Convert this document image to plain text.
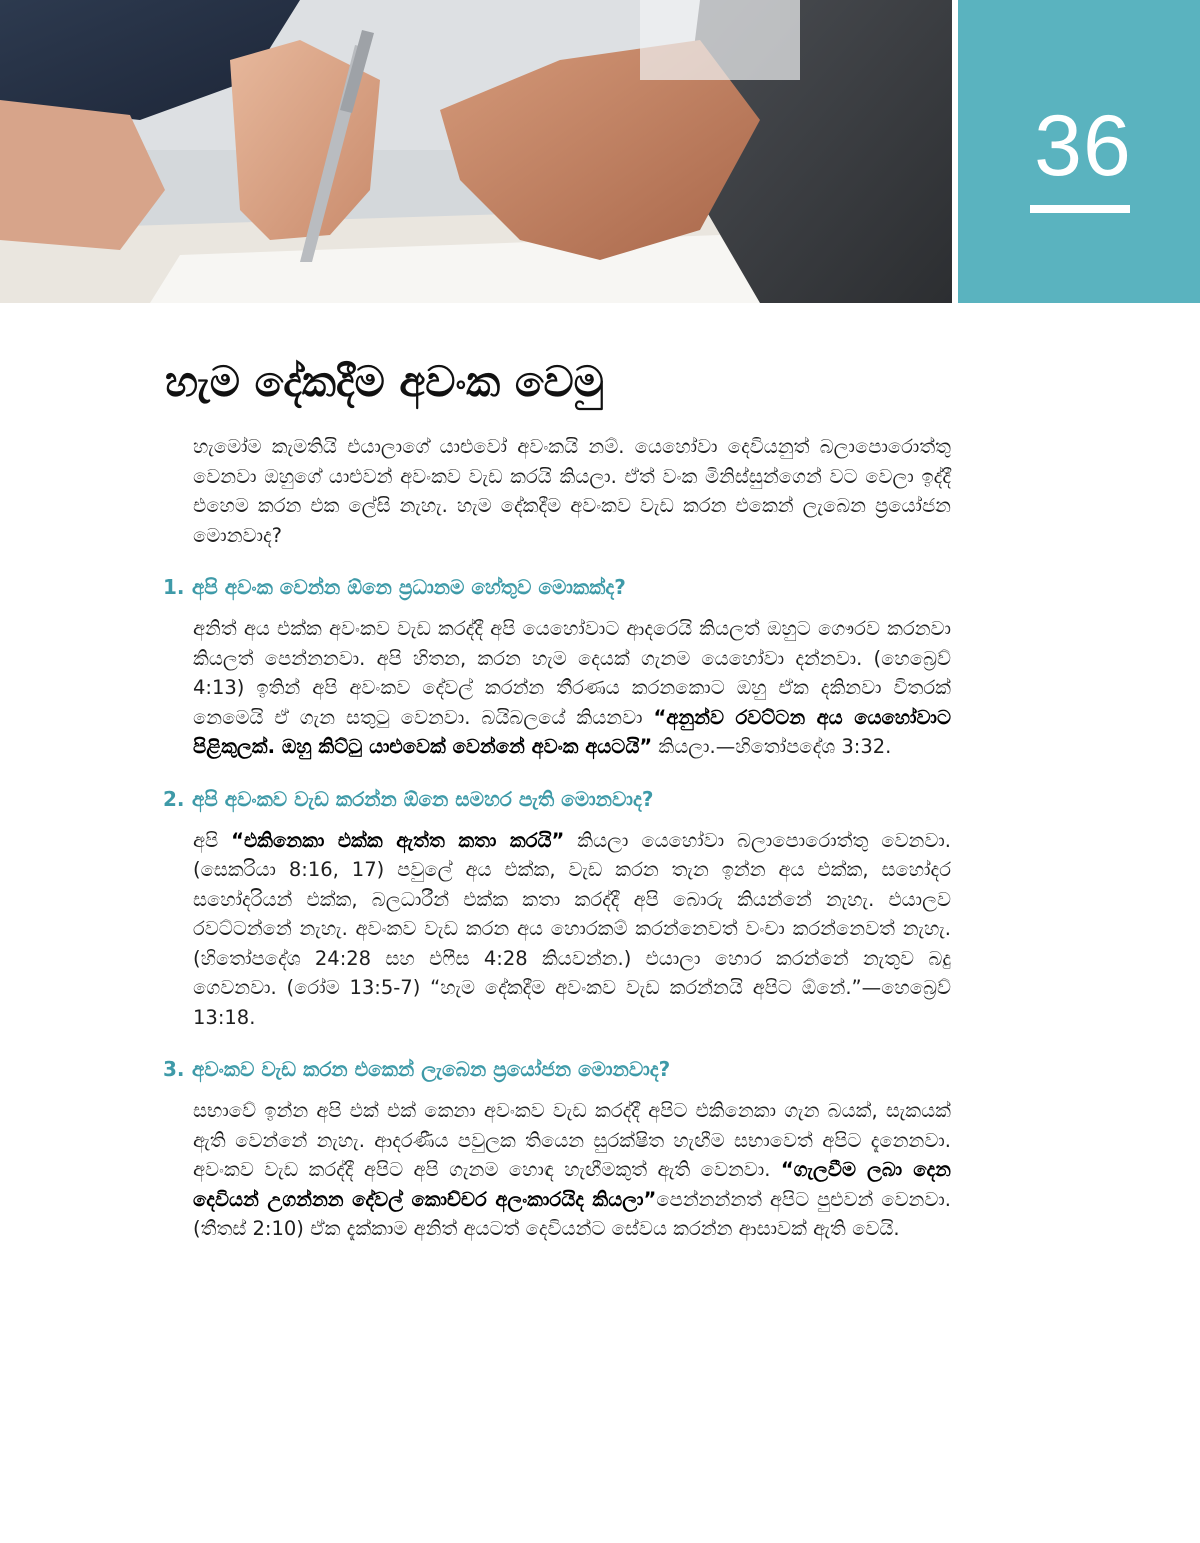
36
හැම දේකදීම අවංක වෙමු

හැමෝම කැමතියි එයාලාගේ යාළුවෝ අවංකයි නම්. යෙහෝවා දෙවියනුත් බලාපොරොත්තු වෙනවා ඔහුගේ යාළුවන් අවංකව වැඩ කරයි කියලා. ඒත් වංක මිනිස්සුන්ගෙන් වට වෙලා ඉද්දී එහෙම කරන එක ලේසි නැහැ. හැම දේකදීම අවංකව වැඩ කරන එකෙන් ලැබෙන ප්‍රයෝජන මොනවාද?

1. අපි අවංක වෙන්න ඕනෙ ප්‍රධානම හේතුව මොකක්ද?

අනිත් අය එක්ක අවංකව වැඩ කරද්දී අපි යෙහෝවාට ආදරෙයි කියලත් ඔහුට ගෞරව කරනවා කියලත් පෙන්නනවා. අපි හිතන, කරන හැම දෙයක් ගැනම යෙහෝවා දන්නවා. (හෙබ්‍රෙව් 4:13) ඉතින් අපි අවංකව දේවල් කරන්න තීරණය කරනකොට ඔහු ඒක දකිනවා විතරක් නෙමෙයි ඒ ගැන සතුටු වෙනවා. බයිබලයේ කියනවා “අනුන්ව රවට්ටන අය යෙහෝවාට පිළිකුලක්. ඔහු කිට්ටු යාළුවෙක් වෙන්නේ අවංක අයටයි” කියලා.—හිතෝපදේශ 3:32.

2. අපි අවංකව වැඩ කරන්න ඕනෙ සමහර පැති මොනවාද?

අපි “එකිනෙකා එක්ක ඇත්ත කතා කරයි” කියලා යෙහෝවා බලාපොරොත්තු වෙනවා. (සෙකරියා 8:16, 17) පවුලේ අය එක්ක, වැඩ කරන තැන ඉන්න අය එක්ක, සහෝදර සහෝදරියන් එක්ක, බලධාරීන් එක්ක කතා කරද්දී අපි බොරු කියන්නේ නැහැ. එයාලව රවට්ටන්නේ නැහැ. අවංකව වැඩ කරන අය හොරකම් කරන්නෙවත් වංචා කරන්නෙවත් නැහැ. (හිතෝපදේශ 24:28 සහ එෆීස 4:28 කියවන්න.) එයාලා හොර කරන්නේ නැතුව බදු ගෙවනවා. (රෝම 13:5-7) “හැම දේකදීම අවංකව වැඩ කරන්නයි අපිට ඕනේ.”—හෙබ්‍රෙව් 13:18.

3. අවංකව වැඩ කරන එකෙන් ලැබෙන ප්‍රයෝජන මොනවාද?

සභාවේ ඉන්න අපි එක් එක් කෙනා අවංකව වැඩ කරද්දී අපිට එකිනෙකා ගැන බයක්, සැකයක් ඇති වෙන්නේ නැහැ. ආදරණීය පවුලක තියෙන සුරක්ෂිත හැඟීම සභාවෙත් අපිට දැනෙනවා. අවංකව වැඩ කරද්දී අපිට අපි ගැනම හොඳ හැඟීමකුත් ඇති වෙනවා. “ගැලවීම ලබා දෙන දෙවියන් උගන්නන දේවල් කොච්චර අලංකාරයිද කියලා”පෙන්නන්නත් අපිට පුළුවන් වෙනවා. (තීතස් 2:10) ඒක දැක්කාම අනිත් අයටත් දෙවියන්ට සේවය කරන්න ආසාවක් ඇති වෙයි.
